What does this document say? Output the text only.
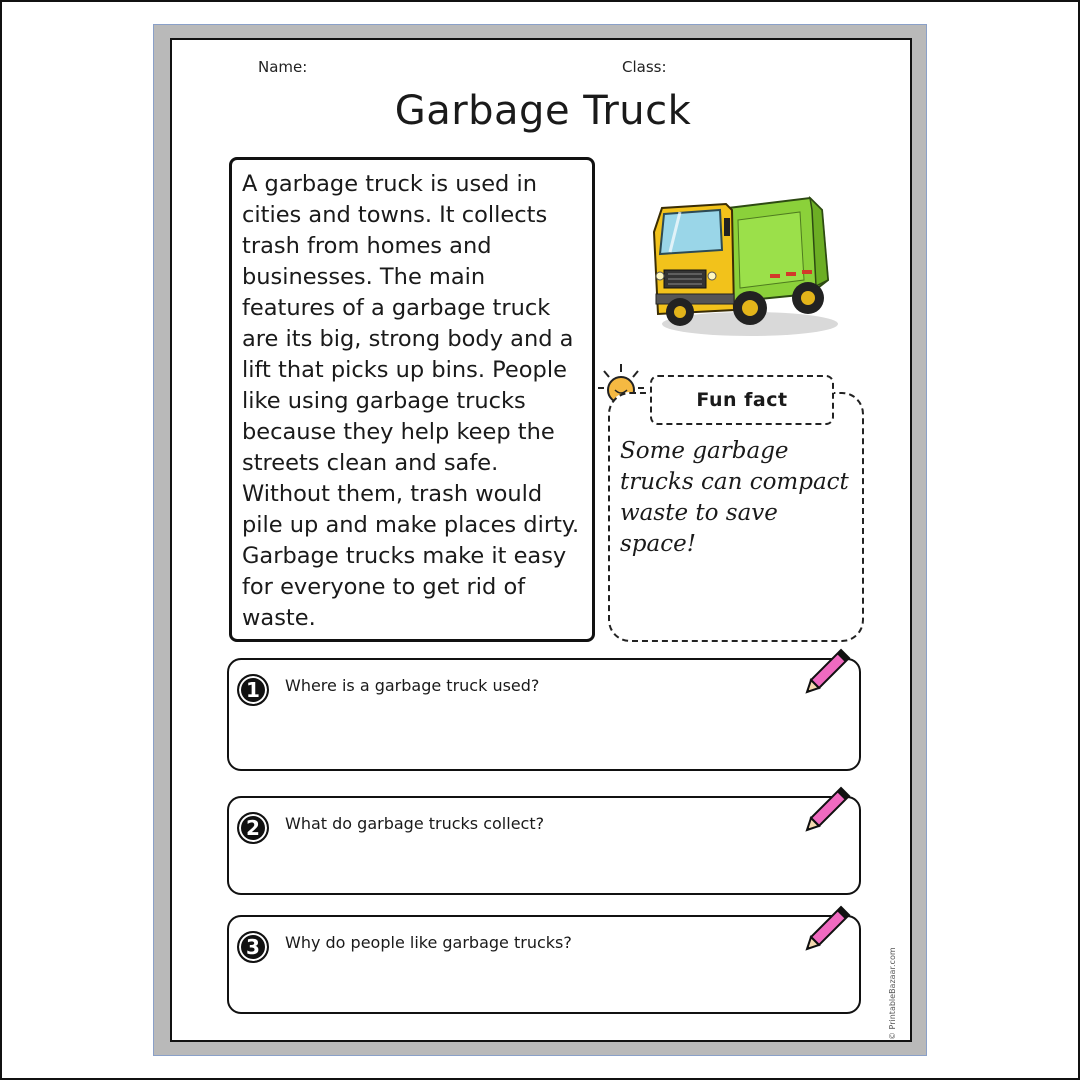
Name:	Class:
Garbage Truck

A garbage truck is used in cities and towns. It collects trash from homes and businesses. The main features of a garbage truck are its big, strong body and a lift that picks up bins. People like using garbage trucks because they help keep the streets clean and safe. Without them, trash would pile up and make places dirty. Garbage trucks make it easy for everyone to get rid of waste.

Fun fact

Some garbage trucks can compact waste to save space!

1	Where is a garbage truck used?
2	What do garbage trucks collect?
3	Why do people like garbage trucks?
© PrintableBazaar.com
